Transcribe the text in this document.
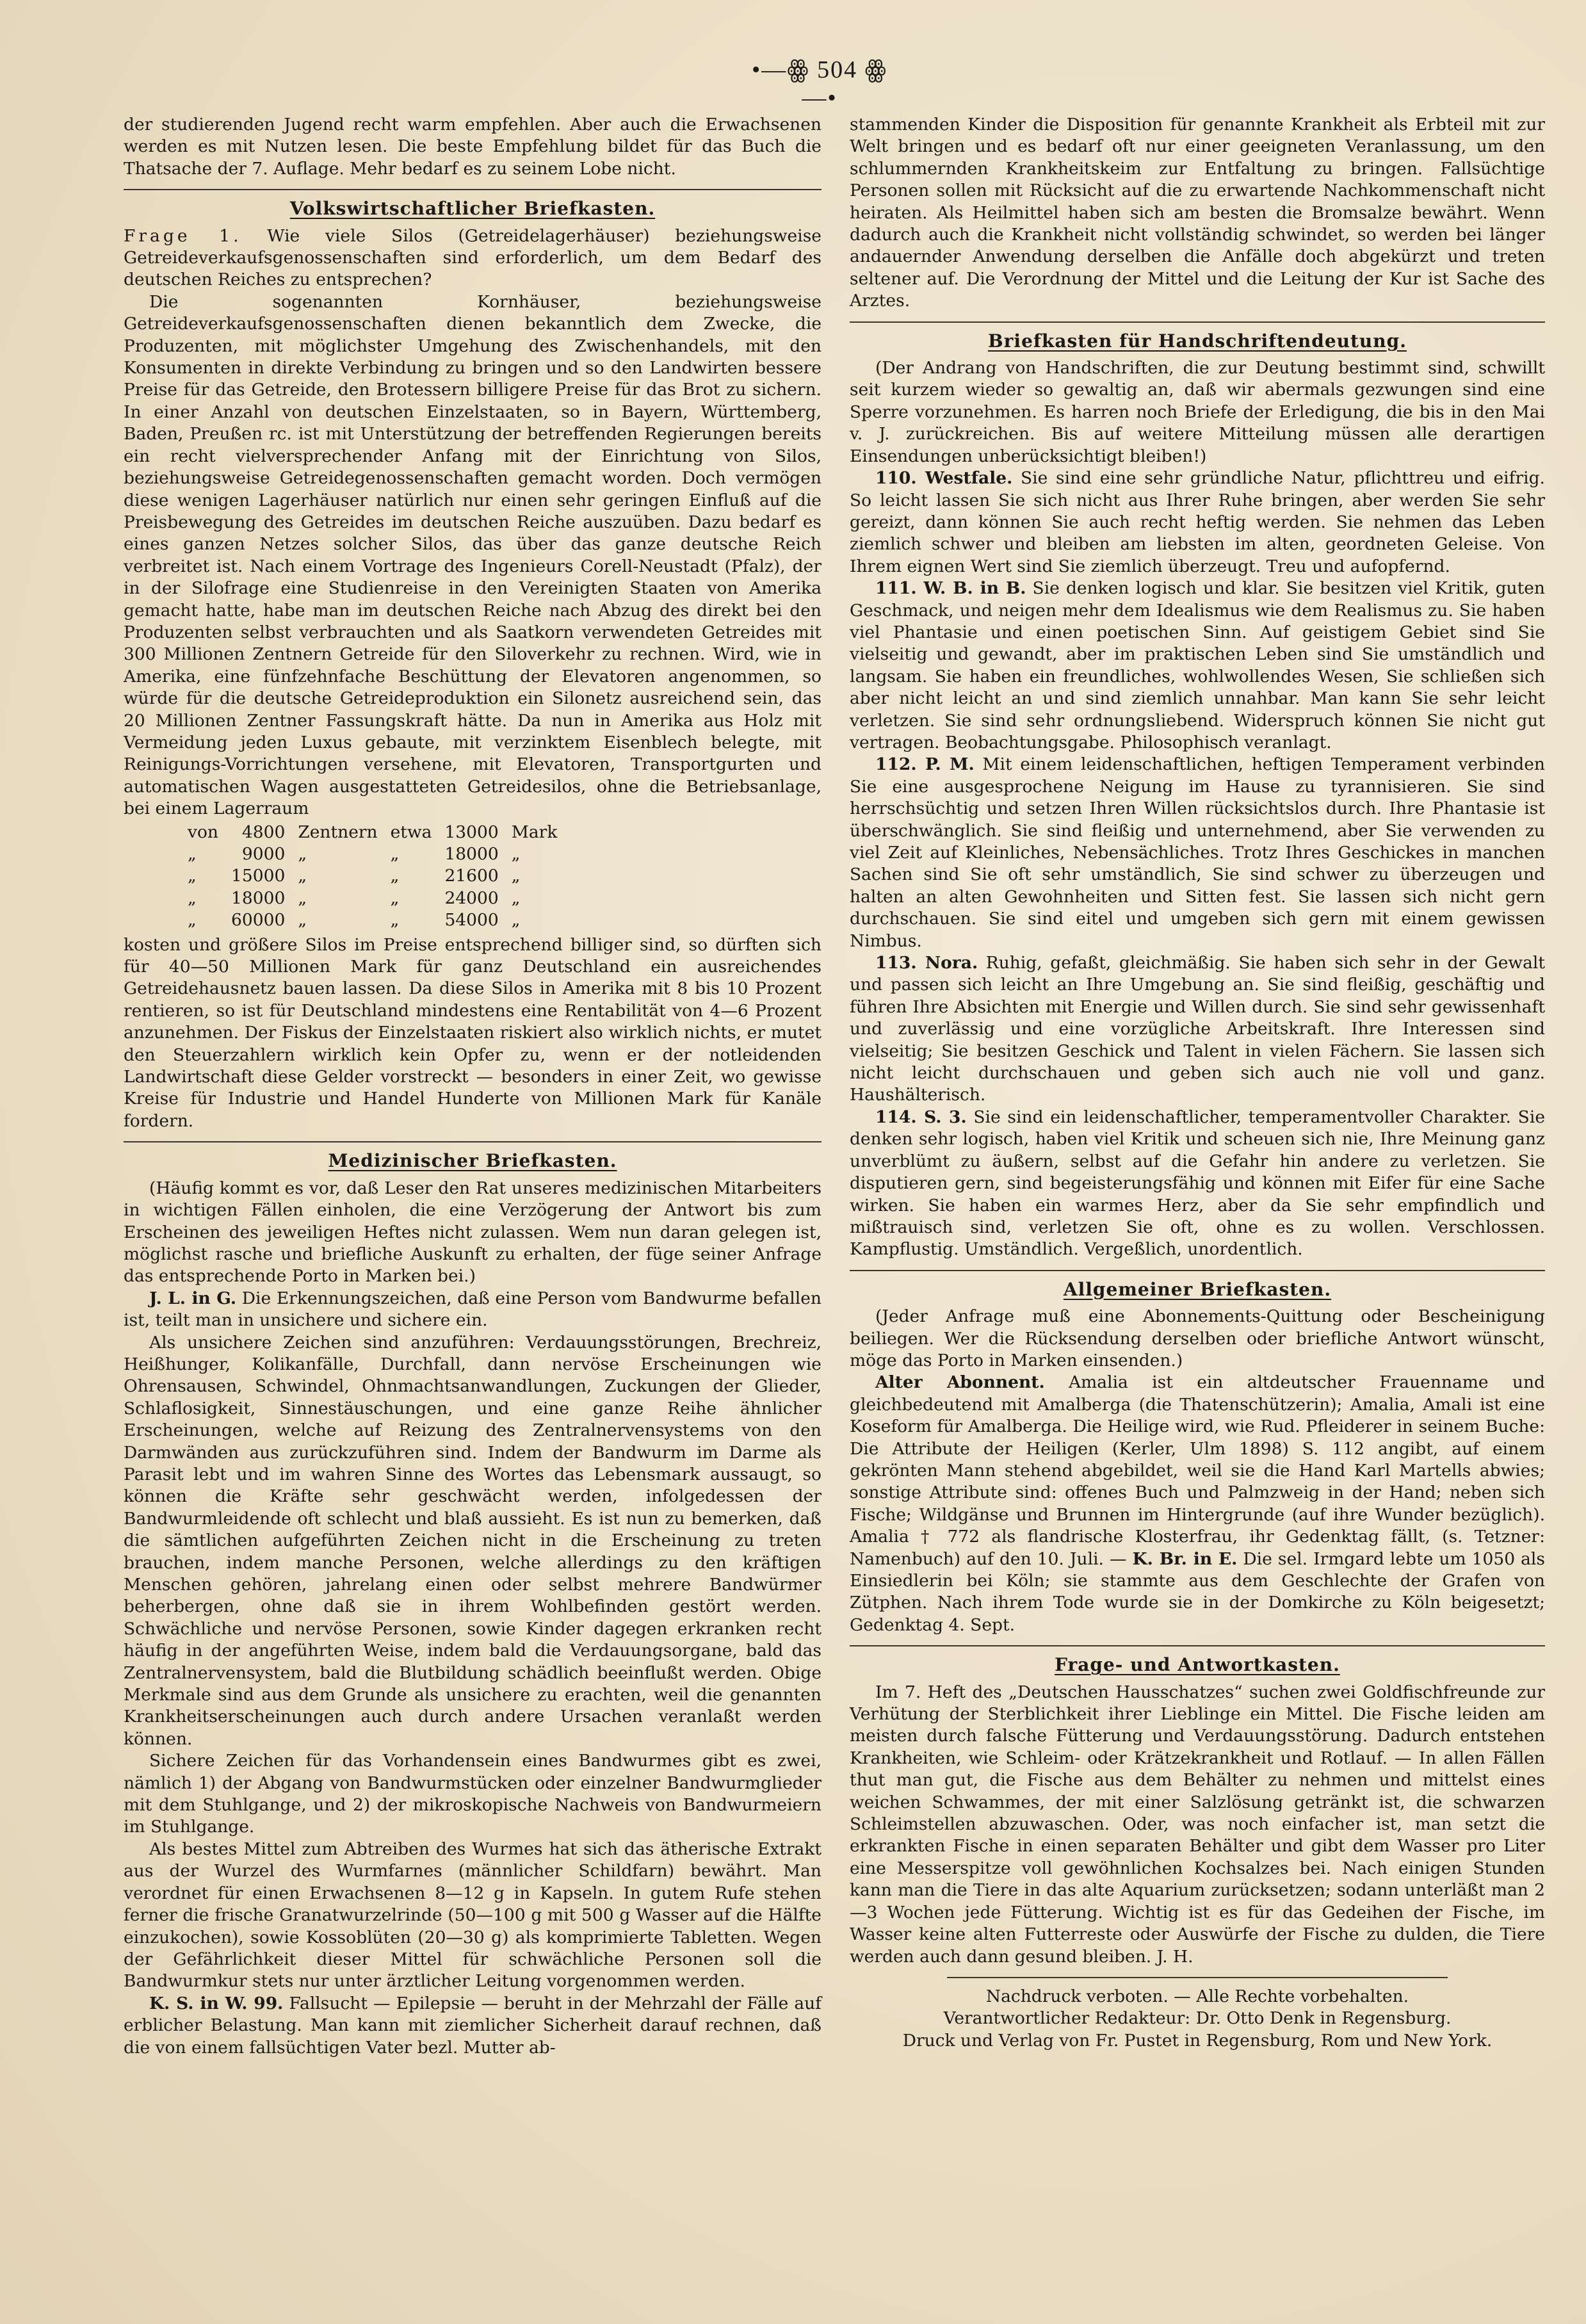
•—ꙮ 504 ꙮ—•

der studierenden Jugend recht warm empfehlen. Aber auch die Erwachsenen werden es mit Nutzen lesen. Die beste Empfehlung bildet für das Buch die Thatsache der 7. Auflage. Mehr bedarf es zu seinem Lobe nicht.

Volkswirtschaftlicher Briefkasten.

Frage 1. Wie viele Silos (Getreidelagerhäuser) beziehungsweise Getreideverkaufsgenossenschaften sind erforderlich, um dem Bedarf des deutschen Reiches zu entsprechen?

Die sogenannten Kornhäuser, beziehungsweise Getreideverkaufsgenossenschaften dienen bekanntlich dem Zwecke, die Produzenten, mit möglichster Umgehung des Zwischenhandels, mit den Konsumenten in direkte Verbindung zu bringen und so den Landwirten bessere Preise für das Getreide, den Brotessern billigere Preise für das Brot zu sichern. In einer Anzahl von deutschen Einzelstaaten, so in Bayern, Württemberg, Baden, Preußen rc. ist mit Unterstützung der betreffenden Regierungen bereits ein recht vielversprechender Anfang mit der Einrichtung von Silos, beziehungsweise Getreidegenossenschaften gemacht worden. Doch vermögen diese wenigen Lagerhäuser natürlich nur einen sehr geringen Einfluß auf die Preisbewegung des Getreides im deutschen Reiche auszuüben. Dazu bedarf es eines ganzen Netzes solcher Silos, das über das ganze deutsche Reich verbreitet ist. Nach einem Vortrage des Ingenieurs Corell-Neustadt (Pfalz), der in der Silofrage eine Studienreise in den Vereinigten Staaten von Amerika gemacht hatte, habe man im deutschen Reiche nach Abzug des direkt bei den Produzenten selbst verbrauchten und als Saatkorn verwendeten Getreides mit 300 Millionen Zentnern Getreide für den Siloverkehr zu rechnen. Wird, wie in Amerika, eine fünfzehnfache Beschüttung der Elevatoren angenommen, so würde für die deutsche Getreideproduktion ein Silonetz ausreichend sein, das 20 Millionen Zentner Fassungskraft hätte. Da nun in Amerika aus Holz mit Vermeidung jeden Luxus gebaute, mit verzinktem Eisenblech belegte, mit Reinigungs-Vorrichtungen versehene, mit Elevatoren, Transportgurten und automatischen Wagen ausgestatteten Getreidesilos, ohne die Betriebsanlage, bei einem Lagerraum

von	4800	Zentnern	etwa	13000	Mark
„	9000	„	„	18000	„
„	15000	„	„	21600	„
„	18000	„	„	24000	„
„	60000	„	„	54000	„

kosten und größere Silos im Preise entsprechend billiger sind, so dürften sich für 40—50 Millionen Mark für ganz Deutschland ein ausreichendes Getreidehausnetz bauen lassen. Da diese Silos in Amerika mit 8 bis 10 Prozent rentieren, so ist für Deutschland mindestens eine Rentabilität von 4—6 Prozent anzunehmen. Der Fiskus der Einzelstaaten riskiert also wirklich nichts, er mutet den Steuerzahlern wirklich kein Opfer zu, wenn er der notleidenden Landwirtschaft diese Gelder vorstreckt — besonders in einer Zeit, wo gewisse Kreise für Industrie und Handel Hunderte von Millionen Mark für Kanäle fordern.

Medizinischer Briefkasten.

(Häufig kommt es vor, daß Leser den Rat unseres medizinischen Mitarbeiters in wichtigen Fällen einholen, die eine Verzögerung der Antwort bis zum Erscheinen des jeweiligen Heftes nicht zulassen. Wem nun daran gelegen ist, möglichst rasche und briefliche Auskunft zu erhalten, der füge seiner Anfrage das entsprechende Porto in Marken bei.)

J. L. in G. Die Erkennungszeichen, daß eine Person vom Bandwurme befallen ist, teilt man in unsichere und sichere ein.

Als unsichere Zeichen sind anzuführen: Verdauungsstörungen, Brechreiz, Heißhunger, Kolikanfälle, Durchfall, dann nervöse Erscheinungen wie Ohrensausen, Schwindel, Ohnmachtsanwandlungen, Zuckungen der Glieder, Schlaflosigkeit, Sinnestäuschungen, und eine ganze Reihe ähnlicher Erscheinungen, welche auf Reizung des Zentralnervensystems von den Darmwänden aus zurückzuführen sind. Indem der Bandwurm im Darme als Parasit lebt und im wahren Sinne des Wortes das Lebensmark aussaugt, so können die Kräfte sehr geschwächt werden, infolgedessen der Bandwurmleidende oft schlecht und blaß aussieht. Es ist nun zu bemerken, daß die sämtlichen aufgeführten Zeichen nicht in die Erscheinung zu treten brauchen, indem manche Personen, welche allerdings zu den kräftigen Menschen gehören, jahrelang einen oder selbst mehrere Bandwürmer beherbergen, ohne daß sie in ihrem Wohlbefinden gestört werden. Schwächliche und nervöse Personen, sowie Kinder dagegen erkranken recht häufig in der angeführten Weise, indem bald die Verdauungsorgane, bald das Zentralnervensystem, bald die Blutbildung schädlich beeinflußt werden. Obige Merkmale sind aus dem Grunde als unsichere zu erachten, weil die genannten Krankheitserscheinungen auch durch andere Ursachen veranlaßt werden können.

Sichere Zeichen für das Vorhandensein eines Bandwurmes gibt es zwei, nämlich 1) der Abgang von Bandwurmstücken oder einzelner Bandwurmglieder mit dem Stuhlgange, und 2) der mikroskopische Nachweis von Bandwurmeiern im Stuhlgange.

Als bestes Mittel zum Abtreiben des Wurmes hat sich das ätherische Extrakt aus der Wurzel des Wurmfarnes (männlicher Schildfarn) bewährt. Man verordnet für einen Erwachsenen 8—12 g in Kapseln. In gutem Rufe stehen ferner die frische Granatwurzelrinde (50—100 g mit 500 g Wasser auf die Hälfte einzukochen), sowie Kossoblüten (20—30 g) als komprimierte Tabletten. Wegen der Gefährlichkeit dieser Mittel für schwächliche Personen soll die Bandwurmkur stets nur unter ärztlicher Leitung vorgenommen werden.

K. S. in W. 99. Fallsucht — Epilepsie — beruht in der Mehrzahl der Fälle auf erblicher Belastung. Man kann mit ziemlicher Sicherheit darauf rechnen, daß die von einem fallsüchtigen Vater bezl. Mutter ab-

stammenden Kinder die Disposition für genannte Krankheit als Erbteil mit zur Welt bringen und es bedarf oft nur einer geeigneten Veranlassung, um den schlummernden Krankheitskeim zur Entfaltung zu bringen. Fallsüchtige Personen sollen mit Rücksicht auf die zu erwartende Nachkommenschaft nicht heiraten. Als Heilmittel haben sich am besten die Bromsalze bewährt. Wenn dadurch auch die Krankheit nicht vollständig schwindet, so werden bei länger andauernder Anwendung derselben die Anfälle doch abgekürzt und treten seltener auf. Die Verordnung der Mittel und die Leitung der Kur ist Sache des Arztes.

Briefkasten für Handschriftendeutung.

(Der Andrang von Handschriften, die zur Deutung bestimmt sind, schwillt seit kurzem wieder so gewaltig an, daß wir abermals gezwungen sind eine Sperre vorzunehmen. Es harren noch Briefe der Erledigung, die bis in den Mai v. J. zurückreichen. Bis auf weitere Mitteilung müssen alle derartigen Einsendungen unberücksichtigt bleiben!)

110. Westfale. Sie sind eine sehr gründliche Natur, pflichttreu und eifrig. So leicht lassen Sie sich nicht aus Ihrer Ruhe bringen, aber werden Sie sehr gereizt, dann können Sie auch recht heftig werden. Sie nehmen das Leben ziemlich schwer und bleiben am liebsten im alten, geordneten Geleise. Von Ihrem eignen Wert sind Sie ziemlich überzeugt. Treu und aufopfernd.

111. W. B. in B. Sie denken logisch und klar. Sie besitzen viel Kritik, guten Geschmack, und neigen mehr dem Idealismus wie dem Realismus zu. Sie haben viel Phantasie und einen poetischen Sinn. Auf geistigem Gebiet sind Sie vielseitig und gewandt, aber im praktischen Leben sind Sie umständlich und langsam. Sie haben ein freundliches, wohlwollendes Wesen, Sie schließen sich aber nicht leicht an und sind ziemlich unnahbar. Man kann Sie sehr leicht verletzen. Sie sind sehr ordnungsliebend. Widerspruch können Sie nicht gut vertragen. Beobachtungsgabe. Philosophisch veranlagt.

112. P. M. Mit einem leidenschaftlichen, heftigen Temperament verbinden Sie eine ausgesprochene Neigung im Hause zu tyrannisieren. Sie sind herrschsüchtig und setzen Ihren Willen rücksichtslos durch. Ihre Phantasie ist überschwänglich. Sie sind fleißig und unternehmend, aber Sie verwenden zu viel Zeit auf Kleinliches, Nebensächliches. Trotz Ihres Geschickes in manchen Sachen sind Sie oft sehr umständlich, Sie sind schwer zu überzeugen und halten an alten Gewohnheiten und Sitten fest. Sie lassen sich nicht gern durchschauen. Sie sind eitel und umgeben sich gern mit einem gewissen Nimbus.

113. Nora. Ruhig, gefaßt, gleichmäßig. Sie haben sich sehr in der Gewalt und passen sich leicht an Ihre Umgebung an. Sie sind fleißig, geschäftig und führen Ihre Absichten mit Energie und Willen durch. Sie sind sehr gewissenhaft und zuverlässig und eine vorzügliche Arbeitskraft. Ihre Interessen sind vielseitig; Sie besitzen Geschick und Talent in vielen Fächern. Sie lassen sich nicht leicht durchschauen und geben sich auch nie voll und ganz. Haushälterisch.

114. S. 3. Sie sind ein leidenschaftlicher, temperamentvoller Charakter. Sie denken sehr logisch, haben viel Kritik und scheuen sich nie, Ihre Meinung ganz unverblümt zu äußern, selbst auf die Gefahr hin andere zu verletzen. Sie disputieren gern, sind begeisterungsfähig und können mit Eifer für eine Sache wirken. Sie haben ein warmes Herz, aber da Sie sehr empfindlich und mißtrauisch sind, verletzen Sie oft, ohne es zu wollen. Verschlossen. Kampflustig. Umständlich. Vergeßlich, unordentlich.

Allgemeiner Briefkasten.

(Jeder Anfrage muß eine Abonnements-Quittung oder Bescheinigung beiliegen. Wer die Rücksendung derselben oder briefliche Antwort wünscht, möge das Porto in Marken einsenden.)

Alter Abonnent. Amalia ist ein altdeutscher Frauenname und gleichbedeutend mit Amalberga (die Thatenschützerin); Amalia, Amali ist eine Koseform für Amalberga. Die Heilige wird, wie Rud. Pfleiderer in seinem Buche: Die Attribute der Heiligen (Kerler, Ulm 1898) S. 112 angibt, auf einem gekrönten Mann stehend abgebildet, weil sie die Hand Karl Martells abwies; sonstige Attribute sind: offenes Buch und Palmzweig in der Hand; neben sich Fische; Wildgänse und Brunnen im Hintergrunde (auf ihre Wunder bezüglich). Amalia † 772 als flandrische Klosterfrau, ihr Gedenktag fällt, (s. Tetzner: Namenbuch) auf den 10. Juli. — K. Br. in E. Die sel. Irmgard lebte um 1050 als Einsiedlerin bei Köln; sie stammte aus dem Geschlechte der Grafen von Zütphen. Nach ihrem Tode wurde sie in der Domkirche zu Köln beigesetzt; Gedenktag 4. Sept.

Frage- und Antwortkasten.

Im 7. Heft des „Deutschen Hausschatzes“ suchen zwei Goldfischfreunde zur Verhütung der Sterblichkeit ihrer Lieblinge ein Mittel. Die Fische leiden am meisten durch falsche Fütterung und Verdauungsstörung. Dadurch entstehen Krankheiten, wie Schleim- oder Krätzekrankheit und Rotlauf. — In allen Fällen thut man gut, die Fische aus dem Behälter zu nehmen und mittelst eines weichen Schwammes, der mit einer Salzlösung getränkt ist, die schwarzen Schleimstellen abzuwaschen. Oder, was noch einfacher ist, man setzt die erkrankten Fische in einen separaten Behälter und gibt dem Wasser pro Liter eine Messerspitze voll gewöhnlichen Kochsalzes bei. Nach einigen Stunden kann man die Tiere in das alte Aquarium zurücksetzen; sodann unterläßt man 2—3 Wochen jede Fütterung. Wichtig ist es für das Gedeihen der Fische, im Wasser keine alten Futterreste oder Auswürfe der Fische zu dulden, die Tiere werden auch dann gesund bleiben. J. H.

Nachdruck verboten. — Alle Rechte vorbehalten.

Verantwortlicher Redakteur: Dr. Otto Denk in Regensburg.

Druck und Verlag von Fr. Pustet in Regensburg, Rom und New York.
